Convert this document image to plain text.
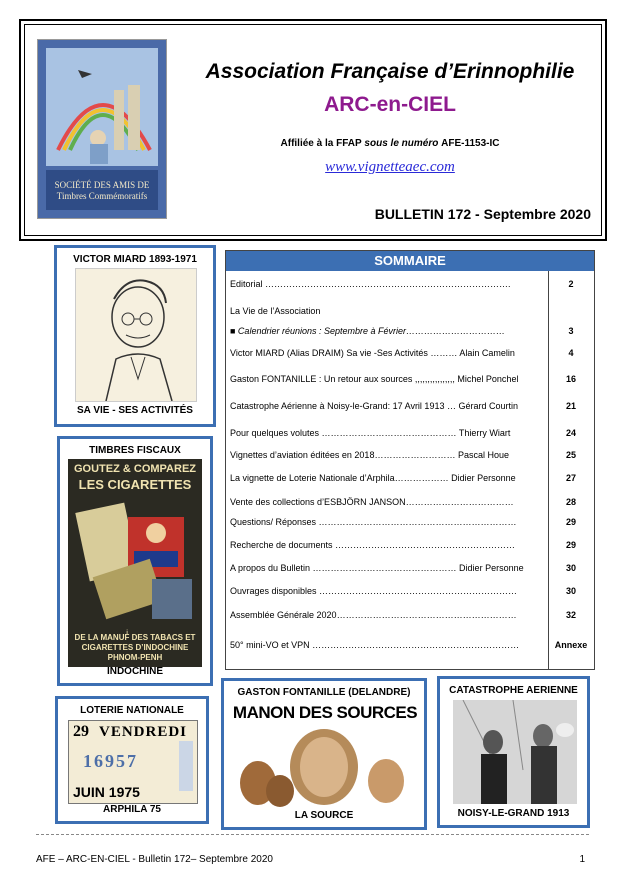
SOCIÉTÉ DES AMIS DE
Timbres Commémoratifs
Association Française d’Erinnophilie
ARC-en-CIEL
Affiliée à la FFAP sous le numéro AFE-1153-IC
www.vignetteaec.com
BULLETIN 172 - Septembre 2020
VICTOR MIARD 1893-1971
SA VIE - SES ACTIVITÉS
TIMBRES FISCAUX
GOUTEZ & COMPAREZ
LES CIGARETTES
DE LA MANUFͥ DES TABACS ET CIGARETTES D’INDOCHINE PHNOM-PENH
INDOCHINE
LOTERIE NATIONALE
29 VENDREDI
16957
JUIN 1975
ARPHILA 75
GASTON FONTANILLE (DELANDRE)
MANON DES SOURCES
LA SOURCE
CATASTROPHE AERIENNE
NOISY-LE-GRAND 1913
SOMMAIRE
Editorial ……………………………………………………………………….	2
La Vie de l’Association
■ Calendrier réunions : Septembre à Février……………………………	3
Victor MIARD (Alias DRAIM) Sa vie -Ses Activités ……… Alain Camelin	4
Gaston FONTANILLE : Un retour aux sources ,,,,,,,,,,,,,,,, Michel Ponchel	16
Catastrophe Aérienne à Noisy-le-Grand: 17 Avril 1913 … Gérard Courtin	21
Pour quelques volutes ……………………………………… Thierry Wiart	24
Vignettes d’aviation éditées en 2018……………………… Pascal Houe	25
La vignette de Loterie Nationale d’Arphila……………… Didier Personne	27
Vente des collections d’ESBJÖRN JANSON………………………………	28
Questions/ Réponses …………………………………………………………	29
Recherche de documents ……………………………………………………	29
A propos du Bulletin ………………………………………… Didier Personne	30
Ouvrages disponibles …………………………………………………………	30
Assemblée Générale 2020……………………………………………………	32
50° mini-VO et VPN ……………………………………………………………	Annexe
AFE – ARC-EN-CIEL - Bulletin 172– Septembre 2020	1
